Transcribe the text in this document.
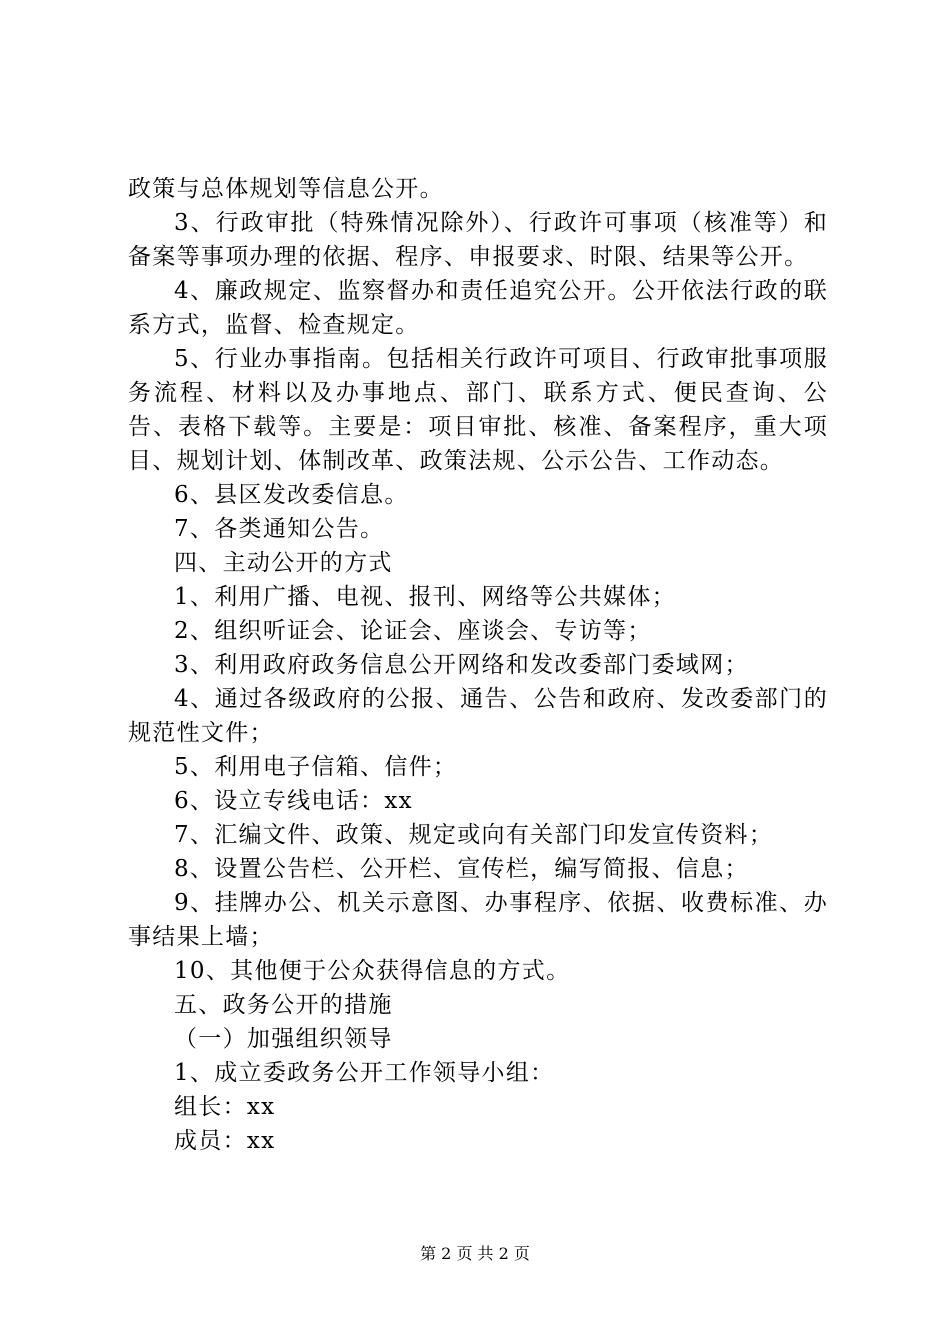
政策与总体规划等信息公开。

3、行政审批（特殊情况除外）、行政许可事项（核准等）和备案等事项办理的依据、程序、申报要求、时限、结果等公开。

4、廉政规定、监察督办和责任追究公开。公开依法行政的联系方式，监督、检查规定。

5、行业办事指南。包括相关行政许可项目、行政审批事项服务流程、材料以及办事地点、部门、联系方式、便民查询、公告、表格下载等。主要是：项目审批、核准、备案程序，重大项目、规划计划、体制改革、政策法规、公示公告、工作动态。

6、县区发改委信息。

7、各类通知公告。

四、主动公开的方式

1、利用广播、电视、报刊、网络等公共媒体；

2、组织听证会、论证会、座谈会、专访等；

3、利用政府政务信息公开网络和发改委部门委域网；

4、通过各级政府的公报、通告、公告和政府、发改委部门的规范性文件；

5、利用电子信箱、信件；

6、设立专线电话：xx

7、汇编文件、政策、规定或向有关部门印发宣传资料；

8、设置公告栏、公开栏、宣传栏，编写简报、信息；

9、挂牌办公、机关示意图、办事程序、依据、收费标准、办事结果上墙；

10、其他便于公众获得信息的方式。

五、政务公开的措施

（一）加强组织领导

1、成立委政务公开工作领导小组：

组长：xx

成员：xx

第 2 页 共 2 页
